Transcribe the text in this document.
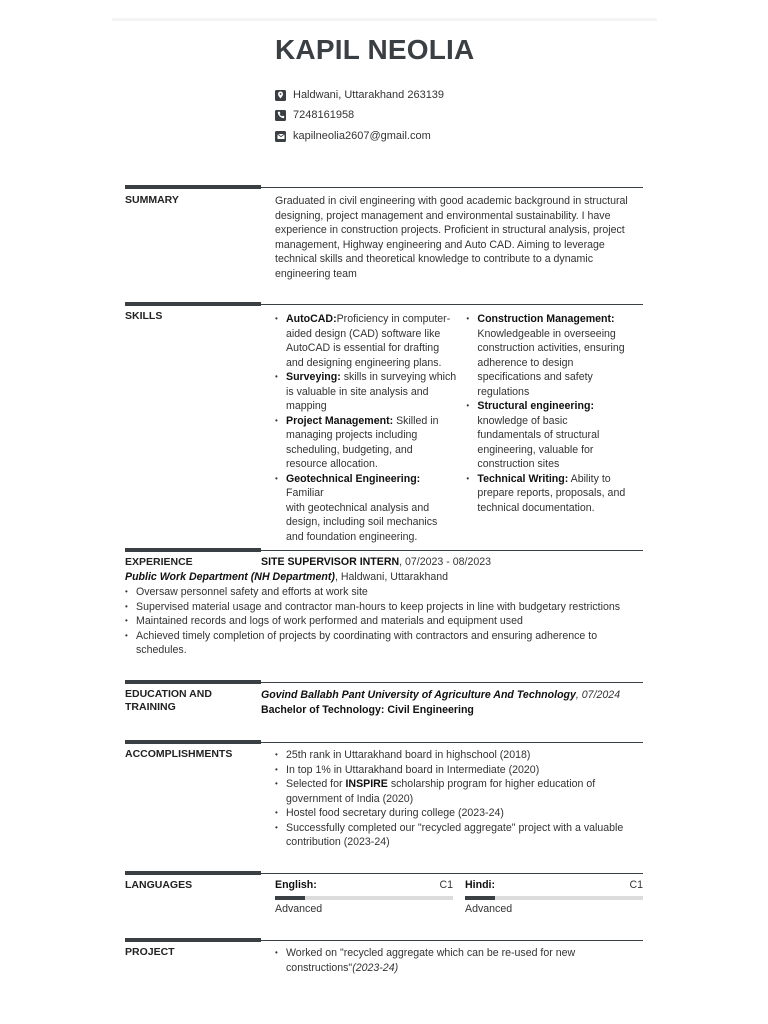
KAPIL NEOLIA
Haldwani, Uttarakhand 263139
7248161958
kapilneolia2607@gmail.com
SUMMARY	Graduated in civil engineering with good academic background in structural
designing, project management and environmental sustainability. I have
experience in construction projects. Proficient in structural analysis, project
management, Highway engineering and Auto CAD. Aiming to leverage
technical skills and theoretical knowledge to contribute to a dynamic
engineering team
SKILLS	• AutoCAD:Proficiency in computer-
aided design (CAD) software like
AutoCAD is essential for drafting
and designing engineering plans.
• Surveying: skills in surveying which
is valuable in site analysis and
mapping
• Project Management: Skilled in
managing projects including
scheduling, budgeting, and
resource allocation.
• Geotechnical Engineering: Familiar
with geotechnical analysis and
design, including soil mechanics
and foundation engineering.
• Construction Management:
Knowledgeable in overseeing
construction activities, ensuring
adherence to design
specifications and safety
regulations
• Structural engineering:
knowledge of basic
fundamentals of structural
engineering, valuable for
construction sites
• Technical Writing: Ability to
prepare reports, proposals, and
technical documentation.
EXPERIENCE	SITE SUPERVISOR INTERN, 07/2023 - 08/2023
Public Work Department (NH Department), Haldwani, Uttarakhand
• Oversaw personnel safety and efforts at work site
• Supervised material usage and contractor man-hours to keep projects in line with budgetary restrictions
• Maintained records and logs of work performed and materials and equipment used
• Achieved timely completion of projects by coordinating with contractors and ensuring adherence to schedules.
EDUCATION AND
TRAINING
Govind Ballabh Pant University of Agriculture And Technology, 07/2024
Bachelor of Technology: Civil Engineering
ACCOMPLISHMENTS	• 25th rank in Uttarakhand board in highschool (2018)
• In top 1% in Uttarakhand board in Intermediate (2020)
• Selected for INSPIRE scholarship program for higher education of government of India (2020)
• Hostel food secretary during college (2023-24)
• Successfully completed our "recycled aggregate" project with a valuable contribution (2023-24)
LANGUAGES	English:	C1
Advanced
Hindi:	C1
Advanced
PROJECT	• Worked on "recycled aggregate which can be re-used for new constructions"(2023-24)
